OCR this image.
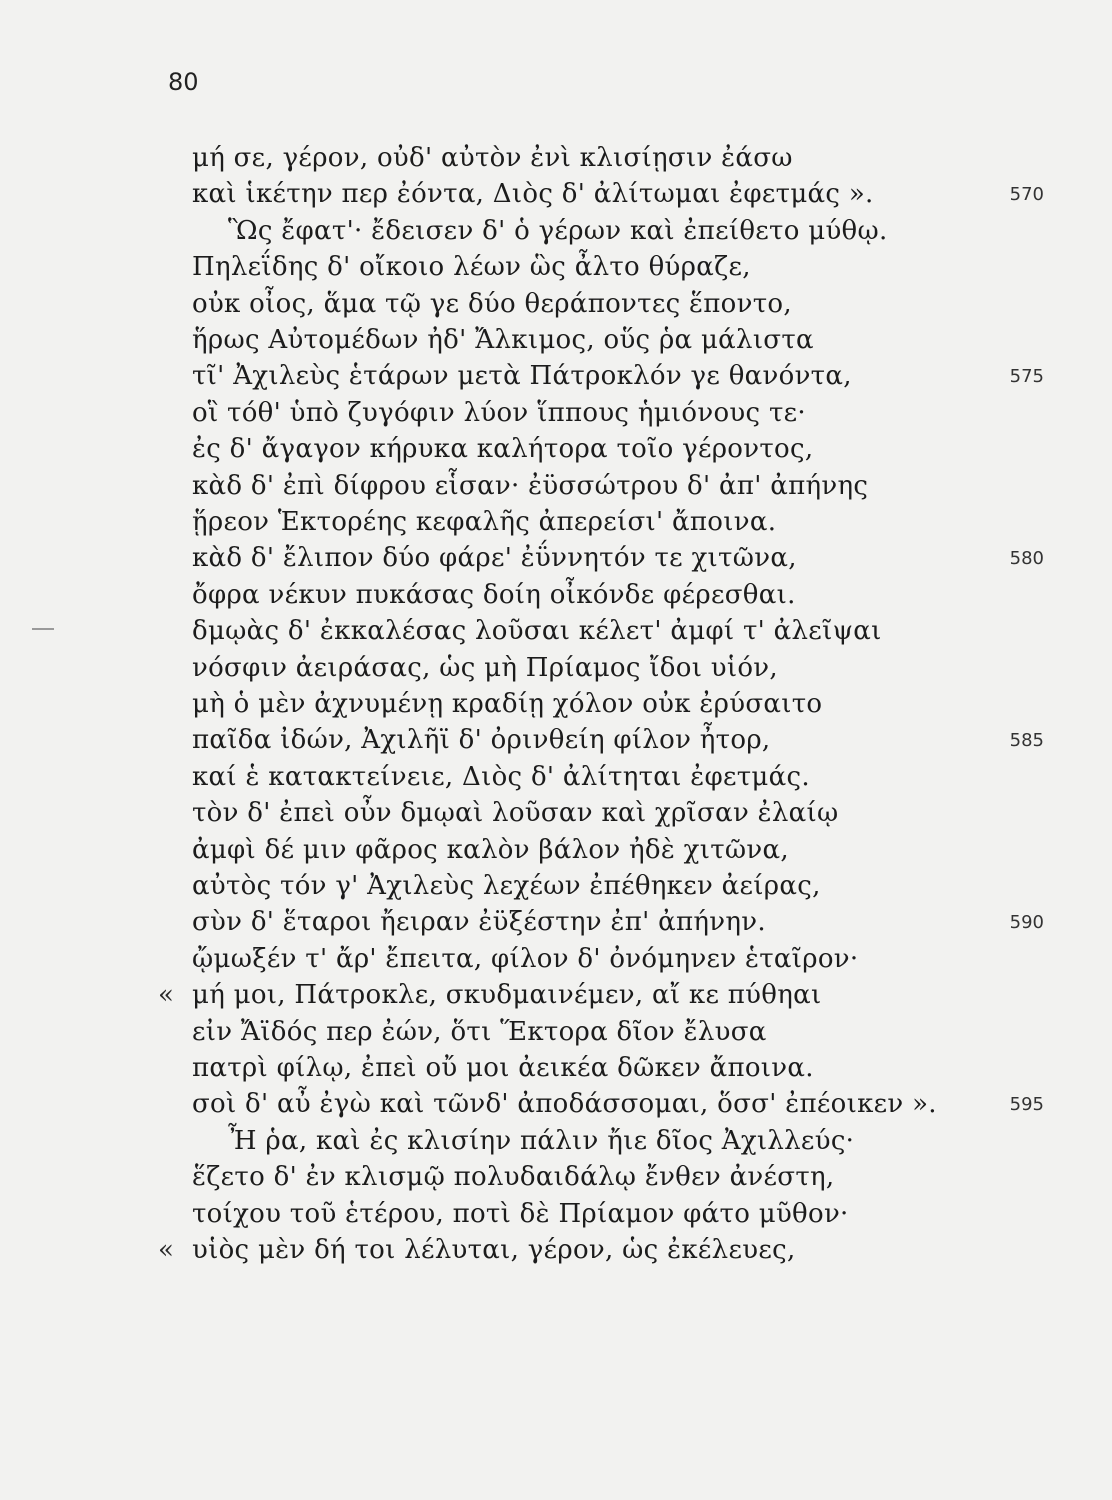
80
μή σε, γέρον, οὐδ' αὐτὸν ἐνὶ κλισίῃσιν ἐάσω
καὶ ἱκέτην περ ἐόντα, Διὸς δ' ἀλίτωμαι ἐφετμάς ».	570
Ὣς ἔφατ'· ἔδεισεν δ' ὁ γέρων καὶ ἐπείθετο μύθῳ.
Πηλεΐδης δ' οἴκοιο λέων ὣς ἆλτο θύραζε,
οὐκ οἶος, ἅμα τῷ γε δύο θεράποντες ἕποντο,
ἥρως Αὐτομέδων ἠδ' Ἄλκιμος, οὕς ῥα μάλιστα
τῖ' Ἀχιλεὺς ἑτάρων μετὰ Πάτροκλόν γε θανόντα,	575
οἳ τόθ' ὑπὸ ζυγόφιν λύον ἵππους ἡμιόνους τε·
ἐς δ' ἄγαγον κήρυκα καλήτορα τοῖο γέροντος,
κὰδ δ' ἐπὶ δίφρου εἷσαν· ἐϋσσώτρου δ' ἀπ' ἀπήνης
ᾕρεον Ἑκτορέης κεφαλῆς ἀπερείσι' ἄποινα.
κὰδ δ' ἔλιπον δύο φάρε' ἐΰννητόν τε χιτῶνα,	580
ὄφρα νέκυν πυκάσας δοίη οἶκόνδε φέρεσθαι.
δμῳὰς δ' ἐκκαλέσας λοῦσαι κέλετ' ἀμφί τ' ἀλεῖψαι
νόσφιν ἀειράσας, ὡς μὴ Πρίαμος ἴδοι υἱόν,
μὴ ὁ μὲν ἀχνυμένῃ κραδίῃ χόλον οὐκ ἐρύσαιτο
παῖδα ἰδών, Ἀχιλῆϊ δ' ὀρινθείη φίλον ἦτορ,	585
καί ἑ κατακτείνειε, Διὸς δ' ἀλίτηται ἐφετμάς.
τὸν δ' ἐπεὶ οὖν δμῳαὶ λοῦσαν καὶ χρῖσαν ἐλαίῳ
ἀμφὶ δέ μιν φᾶρος καλὸν βάλον ἠδὲ χιτῶνα,
αὐτὸς τόν γ' Ἀχιλεὺς λεχέων ἐπέθηκεν ἀείρας,
σὺν δ' ἕταροι ἤειραν ἐϋξέστην ἐπ' ἀπήνην.	590
ᾤμωξέν τ' ἄρ' ἔπειτα, φίλον δ' ὀνόμηνεν ἑταῖρον·
« μή μοι, Πάτροκλε, σκυδμαινέμεν, αἴ κε πύθηαι
εἰν Ἄϊδός περ ἐών, ὅτι Ἕκτορα δῖον ἔλυσα
πατρὶ φίλῳ, ἐπεὶ οὔ μοι ἀεικέα δῶκεν ἄποινα.
σοὶ δ' αὖ ἐγὼ καὶ τῶνδ' ἀποδάσσομαι, ὅσσ' ἐπέοικεν ».	595
Ἦ ῥα, καὶ ἐς κλισίην πάλιν ἤιε δῖος Ἀχιλλεύς·
ἕζετο δ' ἐν κλισμῷ πολυδαιδάλῳ ἔνθεν ἀνέστη,
τοίχου τοῦ ἑτέρου, ποτὶ δὲ Πρίαμον φάτο μῦθον·
« υἱὸς μὲν δή τοι λέλυται, γέρον, ὡς ἐκέλευες,
